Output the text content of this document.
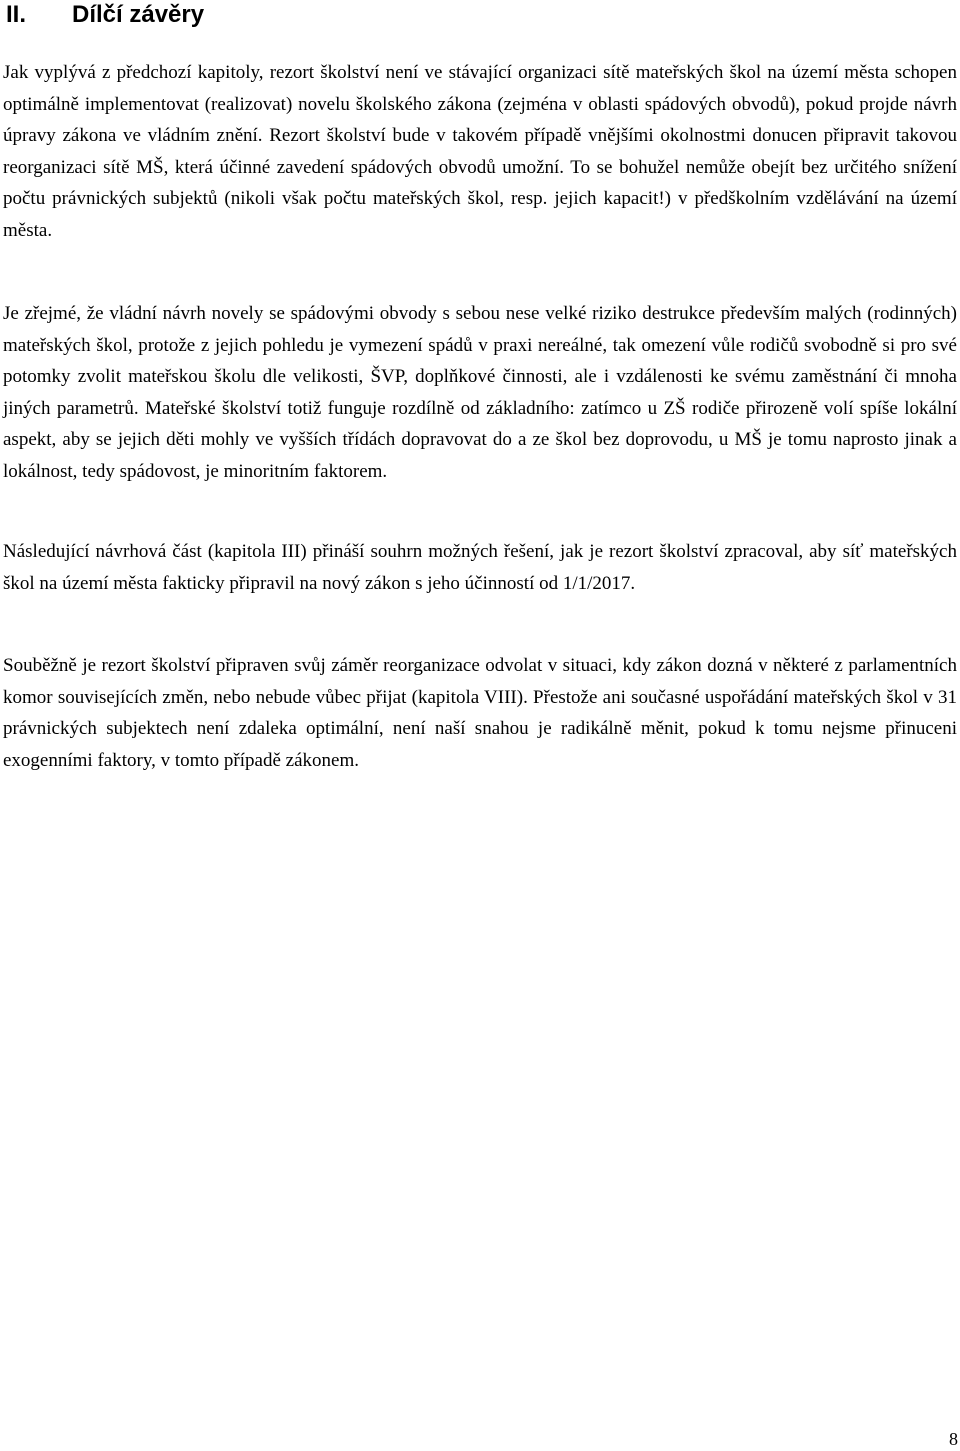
II. Dílčí závěry

Jak vyplývá z předchozí kapitoly, rezort školství není ve stávající organizaci sítě mateřských škol na území města schopen optimálně implementovat (realizovat) novelu školského zákona (zejména v oblasti spádových obvodů), pokud projde návrh úpravy zákona ve vládním znění. Rezort školství bude v takovém případě vnějšími okolnostmi donucen připravit takovou reorganizaci sítě MŠ, která účinné zavedení spádových obvodů umožní. To se bohužel nemůže obejít bez určitého snížení počtu právnických subjektů (nikoli však počtu mateřských škol, resp. jejich kapacit!) v předškolním vzdělávání na území města.

Je zřejmé, že vládní návrh novely se spádovými obvody s sebou nese velké riziko destrukce především malých (rodinných) mateřských škol, protože z jejich pohledu je vymezení spádů v praxi nereálné, tak omezení vůle rodičů svobodně si pro své potomky zvolit mateřskou školu dle velikosti, ŠVP, doplňkové činnosti, ale i vzdálenosti ke svému zaměstnání či mnoha jiných parametrů. Mateřské školství totiž funguje rozdílně od základního: zatímco u ZŠ rodiče přirozeně volí spíše lokální aspekt, aby se jejich děti mohly ve vyšších třídách dopravovat do a ze škol bez doprovodu, u MŠ je tomu naprosto jinak a lokálnost, tedy spádovost, je minoritním faktorem.

Následující návrhová část (kapitola III) přináší souhrn možných řešení, jak je rezort školství zpracoval, aby síť mateřských škol na území města fakticky připravil na nový zákon s jeho účinností od 1/1/2017.

Souběžně je rezort školství připraven svůj záměr reorganizace odvolat v situaci, kdy zákon dozná v některé z parlamentních komor souvisejících změn, nebo nebude vůbec přijat (kapitola VIII). Přestože ani současné uspořádání mateřských škol v 31 právnických subjektech není zdaleka optimální, není naší snahou je radikálně měnit, pokud k tomu nejsme přinuceni exogenními faktory, v tomto případě zákonem.

8
